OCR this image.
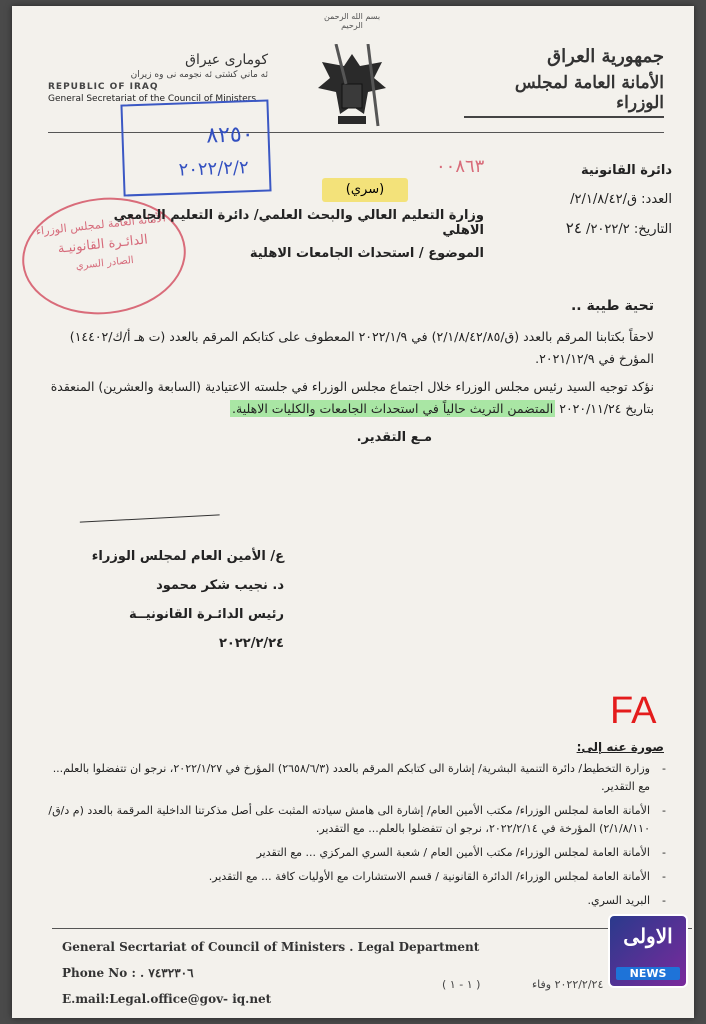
جمهورية العراق
الأمانة العامة لمجلس الوزراء
بسم الله الرحمن الرحيم
كومارى عيراق
ئه ماني كشتى ئه نجومه نى وه زيران
REPUBLIC OF IRAQ
General Secretariat of the Council of Ministers
٨٢٥٠
٢٠٢٢/٢/٢
الأمانة العامة لمجلس الوزراء
الدائـرة القانونيـة
الصادر السري
٠٠٨٦٣	دائرة القانونية
العدد: ق/٢/١/٨/٤٢/
التاريخ: ٢٠٢٢/٢/ ٢٤
(سري)
وزارة التعليم العالي والبحث العلمي/ دائرة التعليم الجامعي الاهلي
الموضوع / استحداث الجامعات الاهلية
تحية طيبة ..

لاحقاً بكتابنا المرقم بالعدد (ق/٢/١/٨/٤٢/٨٥) في ٢٠٢٢/١/٩ المعطوف على كتابكم المرقم بالعدد (ت هـ أ/ك/١٤٤٠٢) المؤرخ في ٢٠٢١/١٢/٩.

نؤكد توجيه السيد رئيس مجلس الوزراء خلال اجتماع مجلس الوزراء في جلسته الاعتيادية (السابعة والعشرين) المنعقدة بتاريخ ٢٠٢٠/١١/٢٤ المتضمن التريث حالياً في استحداث الجامعات والكليات الاهلية.

مـع التقدير.
ع/ الأمين العام لمجلس الوزراء
د. نجيب شكر محمود
رئيس الدائـرة القانونيــة
٢٠٢٢/٢/٢٤
FA
صورة عنه إلى:
- وزارة التخطيط/ دائرة التنمية البشرية/ إشارة الى كتابكم المرقم بالعدد (٢٦٥٨/٦/٣) المؤرخ في ٢٠٢٢/١/٢٧، نرجو ان تتفضلوا بالعلم... مع التقدير.
- الأمانة العامة لمجلس الوزراء/ مكتب الأمين العام/ إشارة الى هامش سيادته المثبت على أصل مذكرتنا الداخلية المرقمة بالعدد (م د/ق/٢/١/٨/١١٠) المؤرخة في ٢٠٢٢/٢/١٤، نرجو ان تتفضلوا بالعلم... مع التقدير.
- الأمانة العامة لمجلس الوزراء/ مكتب الأمين العام / شعبة السري المركزي ... مع التقدير
- الأمانة العامة لمجلس الوزراء/ الدائرة القانونية / قسم الاستشارات مع الأوليات كافة ... مع التقدير.
- البريد السري.
General Secrtariat of Council of Ministers . Legal Department
Phone No : . ٧٤٣٢٣٠٦
E.mail:Legal.office@gov- iq.net
( ١ - ١ )	٢٠٢٢/٢/٢٤ وفاء
الاولى
NEWS
